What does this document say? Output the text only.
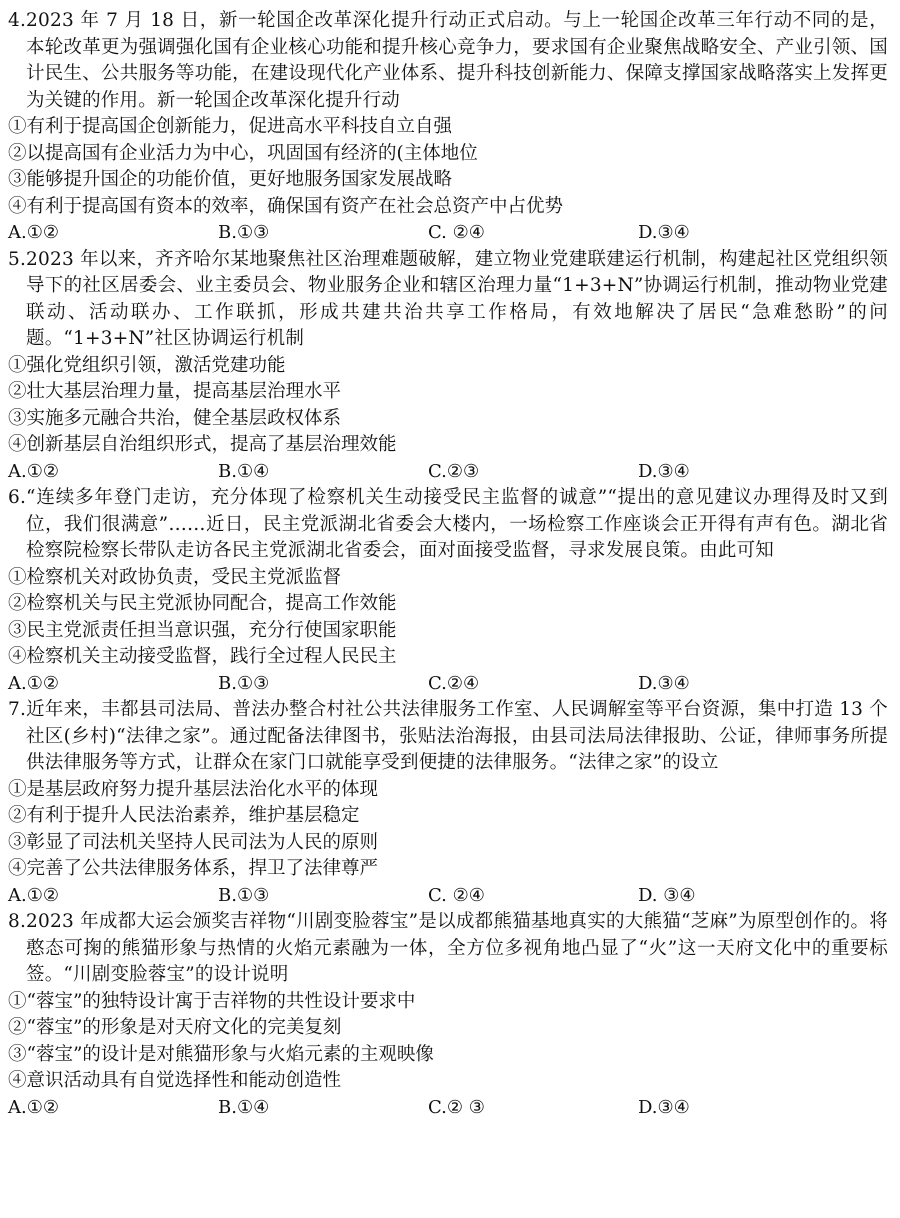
4.2023 年 7 月 18 日，新一轮国企改革深化提升行动正式启动。与上一轮国企改革三年行动不同的是，本轮改革更为强调强化国有企业核心功能和提升核心竞争力，要求国有企业聚焦战略安全、产业引领、国计民生、公共服务等功能，在建设现代化产业体系、提升科技创新能力、保障支撑国家战略落实上发挥更为关键的作用。新一轮国企改革深化提升行动

①有利于提高国企创新能力，促进高水平科技自立自强

②以提高国有企业活力为中心，巩固国有经济的(主体地位

③能够提升国企的功能价值，更好地服务国家发展战略

④有利于提高国有资本的效率，确保国有资产在社会总资产中占优势

A.①②	B.①③	C. ②④	D.③④

5.2023 年以来，齐齐哈尔某地聚焦社区治理难题破解，建立物业党建联建运行机制，构建起社区党组织领导下的社区居委会、业主委员会、物业服务企业和辖区治理力量“1+3+N”协调运行机制，推动物业党建联动、活动联办、工作联抓，形成共建共治共享工作格局，有效地解决了居民“急难愁盼”的问题。“1+3+N”社区协调运行机制

①强化党组织引领，激活党建功能

②壮大基层治理力量，提高基层治理水平

③实施多元融合共治，健全基层政权体系

④创新基层自治组织形式，提高了基层治理效能

A.①②	B.①④	C.②③	D.③④

6.“连续多年登门走访，充分体现了检察机关生动接受民主监督的诚意”“提出的意见建议办理得及时又到位，我们很满意”……近日，民主党派湖北省委会大楼内，一场检察工作座谈会正开得有声有色。湖北省检察院检察长带队走访各民主党派湖北省委会，面对面接受监督，寻求发展良策。由此可知

①检察机关对政协负责，受民主党派监督

②检察机关与民主党派协同配合，提高工作效能

③民主党派责任担当意识强，充分行使国家职能

④检察机关主动接受监督，践行全过程人民民主

A.①②	B.①③	C.②④	D.③④

7.近年来，丰都县司法局、普法办整合村社公共法律服务工作室、人民调解室等平台资源，集中打造 13 个社区(乡村)“法律之家”。通过配备法律图书，张贴法治海报，由县司法局法律报助、公证，律师事务所提供法律服务等方式，让群众在家门口就能享受到便捷的法律服务。“法律之家”的设立

①是基层政府努力提升基层法治化水平的体现

②有利于提升人民法治素养，维护基层稳定

③彰显了司法机关坚持人民司法为人民的原则

④完善了公共法律服务体系，捍卫了法律尊严

A.①②	B.①③	C. ②④	D. ③④

8.2023 年成都大运会颁奖吉祥物“川剧变脸蓉宝”是以成都熊猫基地真实的大熊猫“芝麻”为原型创作的。将憨态可掬的熊猫形象与热情的火焰元素融为一体，全方位多视角地凸显了“火”这一天府文化中的重要标签。“川剧变脸蓉宝”的设计说明

①“蓉宝”的独特设计寓于吉祥物的共性设计要求中

②“蓉宝”的形象是对天府文化的完美复刻

③“蓉宝”的设计是对熊猫形象与火焰元素的主观映像

④意识活动具有自觉选择性和能动创造性

A.①②	B.①④	C.② ③	D.③④
